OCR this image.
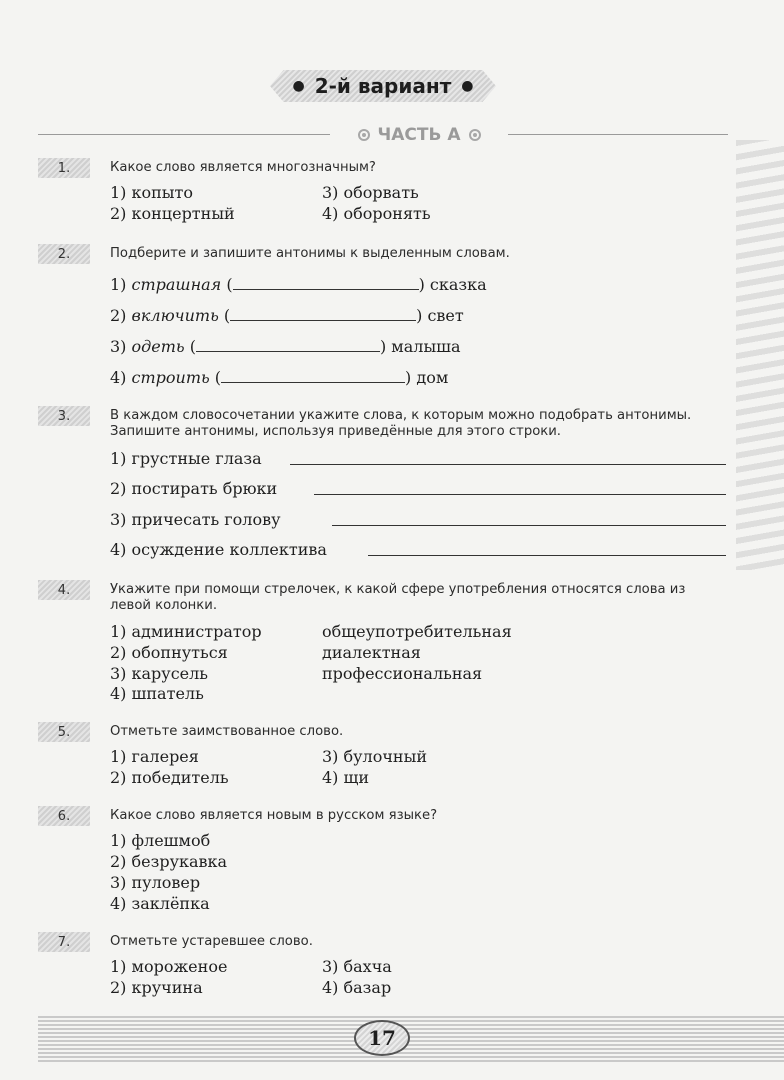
● 2-й вариант ●
ЧАСТЬ А
1.	Какое слово является многозначным?
1) копыто
2) концертный
3) оборвать
4) оборонять
2.	Подберите и запишите антонимы к выделенным словам.
1) страшная (	) сказка
2) включить (	) свет
3) одеть (	) малыша
4) строить (	) дом
3.	В каждом словосочетании укажите слова, к которым можно подобрать антонимы. Запишите антонимы, используя приведённые для этого строки.
1) грустные глаза
2) постирать брюки
3) причесать голову
4) осуждение коллектива
4.	Укажите при помощи стрелочек, к какой сфере употребления относятся слова из левой колонки.
1) администратор
2) обопнуться
3) карусель
4) шпатель
общеупотребительная
диалектная
профессиональная
5.	Отметьте заимствованное слово.
1) галерея
2) победитель
3) булочный
4) щи
6.	Какое слово является новым в русском языке?
1) флешмоб
2) безрукавка
3) пуловер
4) заклёпка
7.	Отметьте устаревшее слово.
1) мороженое
2) кручина
3) бахча
4) базар
17
